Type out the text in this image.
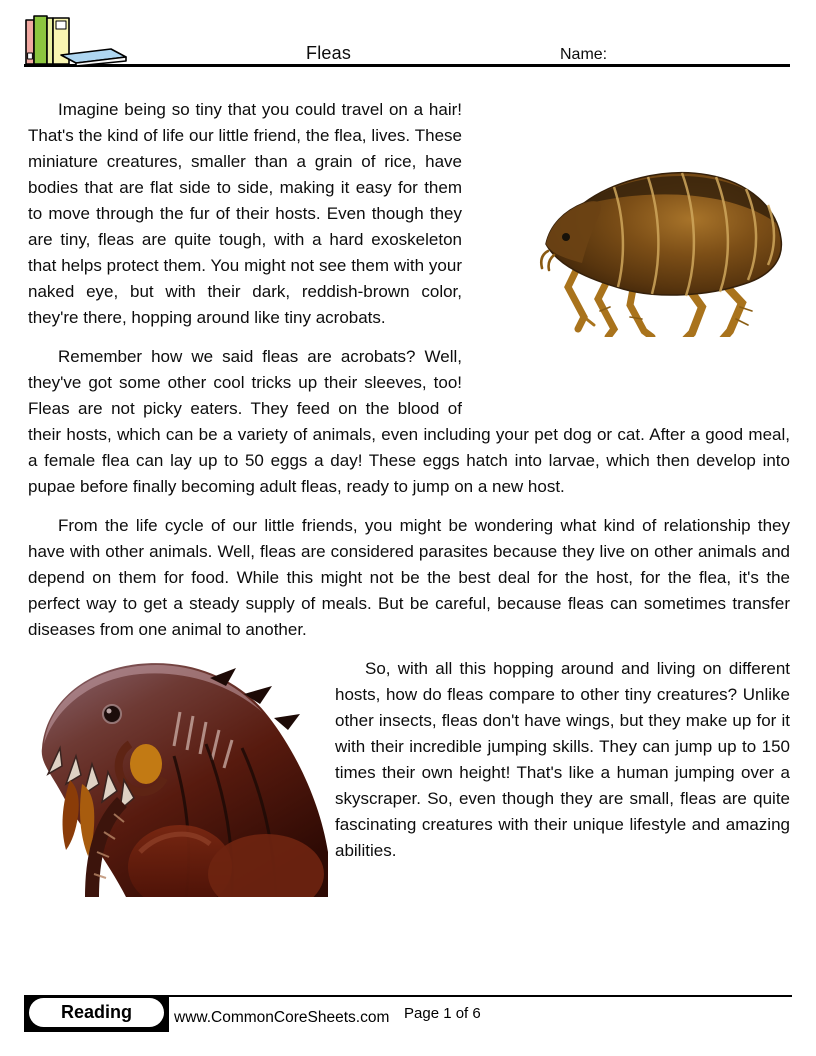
Fleas	Name:

Imagine being so tiny that you could travel on a hair! That's the kind of life our little friend, the flea, lives. These miniature creatures, smaller than a grain of rice, have bodies that are flat side to side, making it easy for them to move through the fur of their hosts. Even though they are tiny, fleas are quite tough, with a hard exoskeleton that helps protect them. You might not see them with your naked eye, but with their dark, reddish-brown color, they're there, hopping around like tiny acrobats.

Remember how we said fleas are acrobats? Well, they've got some other cool tricks up their sleeves, too! Fleas are not picky eaters. They feed on the blood of their hosts, which can be a variety of animals, even including your pet dog or cat. After a good meal, a female flea can lay up to 50 eggs a day! These eggs hatch into larvae, which then develop into pupae before finally becoming adult fleas, ready to jump on a new host.

From the life cycle of our little friends, you might be wondering what kind of relationship they have with other animals. Well, fleas are considered parasites because they live on other animals and depend on them for food. While this might not be the best deal for the host, for the flea, it's the perfect way to get a steady supply of meals. But be careful, because fleas can sometimes transfer diseases from one animal to another.

So, with all this hopping around and living on different hosts, how do fleas compare to other tiny creatures? Unlike other insects, fleas don't have wings, but they make up for it with their incredible jumping skills. They can jump up to 150 times their own height! That's like a human jumping over a skyscraper. So, even though they are small, fleas are quite fascinating creatures with their unique lifestyle and amazing abilities.

Reading	www.CommonCoreSheets.com Page 1 of 6
